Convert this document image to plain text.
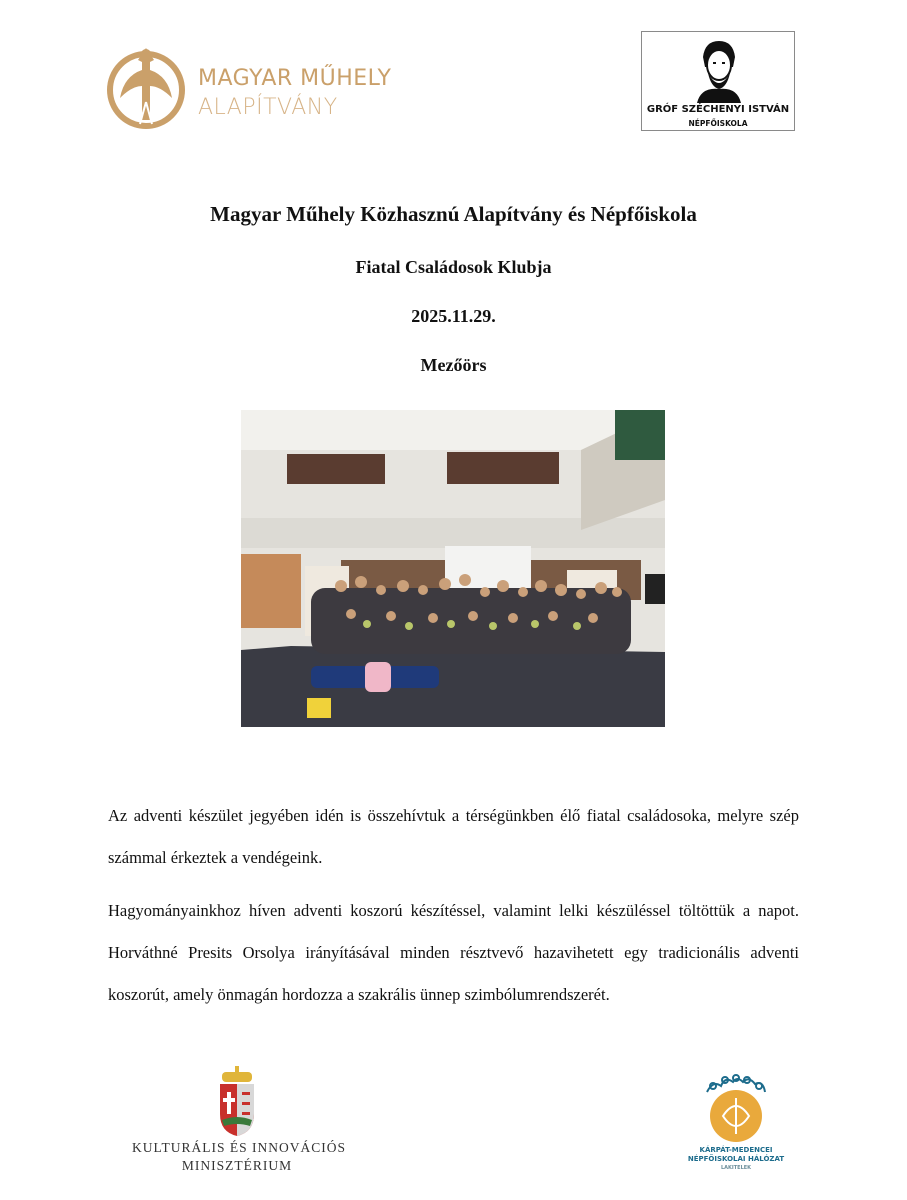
MAGYAR MŰHELY
ALAPÍTVÁNY	GRÓF SZÉCHENYI ISTVÁN
NÉPFŐISKOLA
Magyar Műhely Közhasznú Alapítvány és Népfőiskola
Fiatal Családosok Klubja
2025.11.29.
Mezőörs

Az adventi készület jegyében idén is összehívtuk a térségünkben élő fiatal családosoka, melyre szép számmal érkeztek a vendégeink.

Hagyományainkhoz híven adventi koszorú készítéssel, valamint lelki készüléssel töltöttük a napot. Horváthné Presits Orsolya irányításával minden résztvevő hazavihetett egy tradicionális adventi koszorút, amely önmagán hordozza a szakrális ünnep szimbólumrendszerét.

KULTURÁLIS ÉS INNOVÁCIÓS
MINISZTÉRIUM
KÁRPÁT-MEDENCEI
NÉPFŐISKOLAI HÁLÓZAT
LAKITELEK
